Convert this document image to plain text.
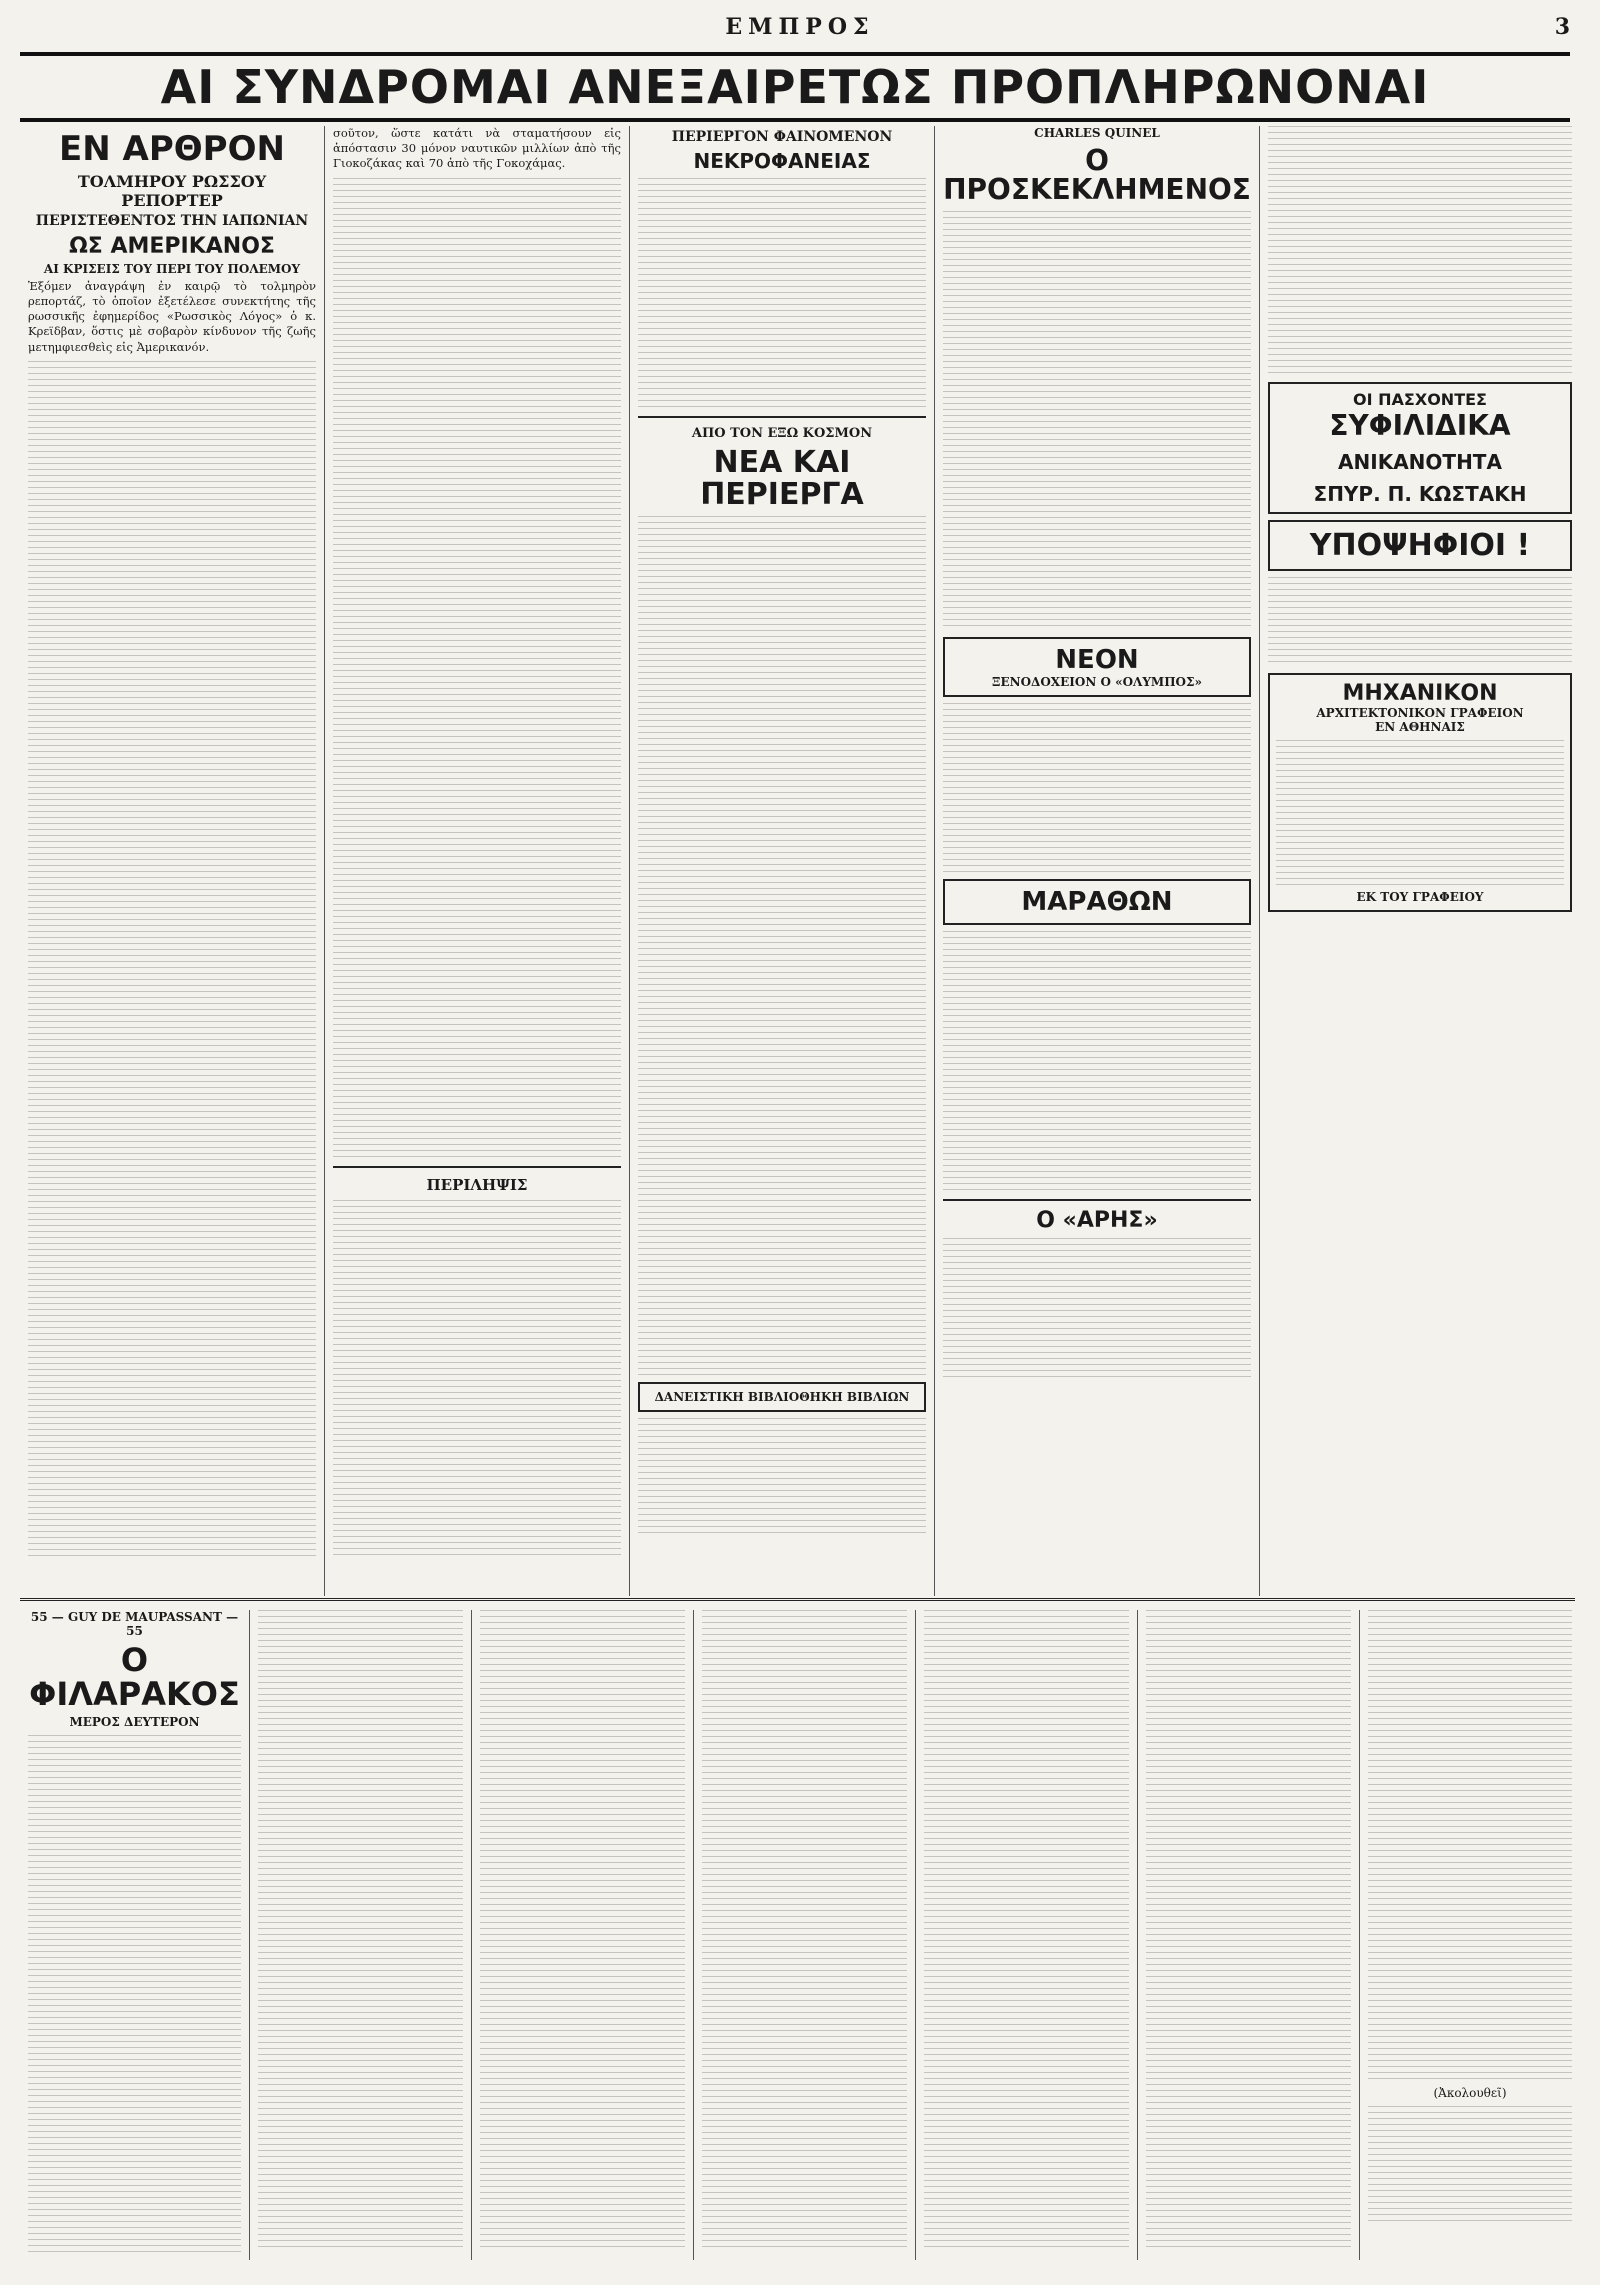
ΕΜΠΡΟΣ	3
ΑΙ ΣΥΝΔΡΟΜΑΙ ΑΝΕΞΑΙΡΕΤΩΣ ΠΡΟΠΛΗΡΩΝΟΝΑΙ
ΕΝ ΑΡΘΡΟΝ
ΤΟΛΜΗΡΟΥ ΡΩΣΣΟΥ ΡΕΠΟΡΤΕΡ
ΠΕΡΙΣΤΕΘΕΝΤΟΣ ΤΗΝ ΙΑΠΩΝΙΑΝ
ΩΣ ΑΜΕΡΙΚΑΝΟΣ
ΑΙ ΚΡΙΣΕΙΣ ΤΟΥ ΠΕΡΙ ΤΟΥ ΠΟΛΕΜΟΥ

Ἐξόμεν ἀναγράψη ἐν καιρῷ τὸ τολμηρὸν ρεπορτάζ, τὸ ὁποῖον ἐξετέλεσε συνεκτήτης τῆς ρωσσικῆς ἐφημερίδος «Ρωσσικὸς Λόγος» ὁ κ. Κρεϊδβαν, ὅστις μὲ σοβαρὸν κίνδυνον τῆς ζωῆς μετημφιεσθεὶς εἰς Ἀμερικανόν.

σοῦτον, ὥστε κατάτι νὰ σταματήσουν εἰς ἀπόστασιν 30 μόνον ναυτικῶν μιλλίων ἀπὸ τῆς Γιοκοζάκας καὶ 70 ἀπὸ τῆς Γοκοχάμας.

ΠΕΡΙΛΗΨΙΣ
ΠΕΡΙΕΡΓΟΝ ΦΑΙΝΟΜΕΝΟΝ
ΝΕΚΡΟΦΑΝΕΙΑΣ
ΑΠΟ ΤΟΝ ΕΞΩ ΚΟΣΜΟΝ
ΝΕΑ ΚΑΙ ΠΕΡΙΕΡΓΑ
ΔΑΝΕΙΣΤΙΚΗ ΒΙΒΛΙΟΘΗΚΗ ΒΙΒΛΙΩΝ
CHARLES QUINEL
Ο ΠΡΟΣΚΕΚΛΗΜΕΝΟΣ
ΝΕΟΝ
ΞΕΝΟΔΟΧΕΙΟΝ Ο «ΟΛΥΜΠΟΣ»
ΜΑΡΑΘΩΝ
Ο «ΑΡΗΣ»
ΟΙ ΠΑΣΧΟΝΤΕΣ
ΣΥΦΙΛΙΔΙΚΑ
ΑΝΙΚΑΝΟΤΗΤΑ
ΣΠΥΡ. Π. ΚΩΣΤΑΚΗ
ΥΠΟΨΗΦΙΟΙ !
ΜΗΧΑΝΙΚΟΝ
ΑΡΧΙΤΕΚΤΟΝΙΚΟΝ ΓΡΑΦΕΙΟΝ
ΕΝ ΑΘΗΝΑΙΣ
ΕΚ ΤΟΥ ΓΡΑΦΕΙΟΥ
55 — GUY DE MAUPASSANT — 55
Ο ΦΙΛΑΡΑΚΟΣ
ΜΕΡΟΣ ΔΕΥΤΕΡΟΝ
(Ἀκολουθεῖ)
